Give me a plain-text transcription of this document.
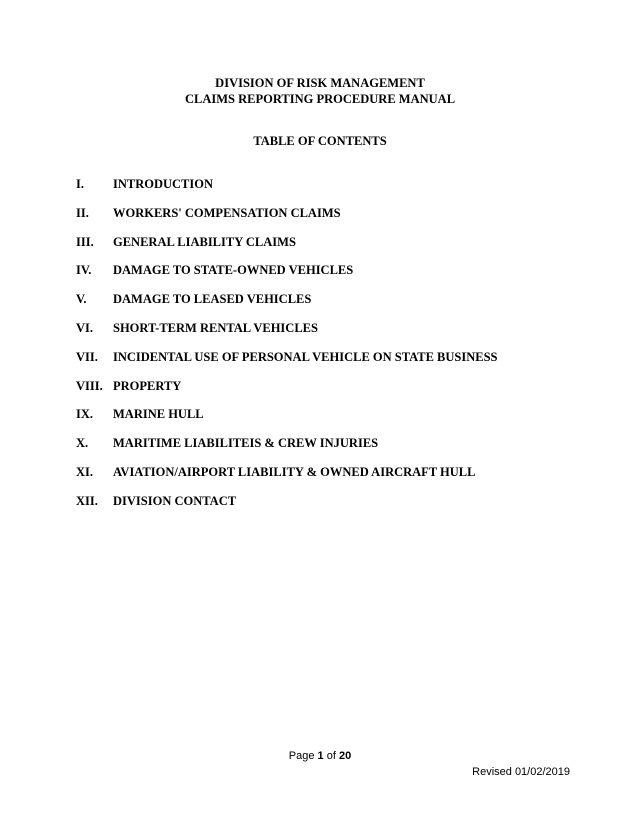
DIVISION OF RISK MANAGEMENT
CLAIMS REPORTING PROCEDURE MANUAL
TABLE OF CONTENTS
I. INTRODUCTION
II. WORKERS' COMPENSATION CLAIMS
III. GENERAL LIABILITY CLAIMS
IV. DAMAGE TO STATE-OWNED VEHICLES
V. DAMAGE TO LEASED VEHICLES
VI. SHORT-TERM RENTAL VEHICLES
VII. INCIDENTAL USE OF PERSONAL VEHICLE ON STATE BUSINESS
VIII. PROPERTY
IX. MARINE HULL
X. MARITIME LIABILITEIS & CREW INJURIES
XI. AVIATION/AIRPORT LIABILITY & OWNED AIRCRAFT HULL
XII. DIVISION CONTACT
Page 1 of 20
Revised 01/02/2019
